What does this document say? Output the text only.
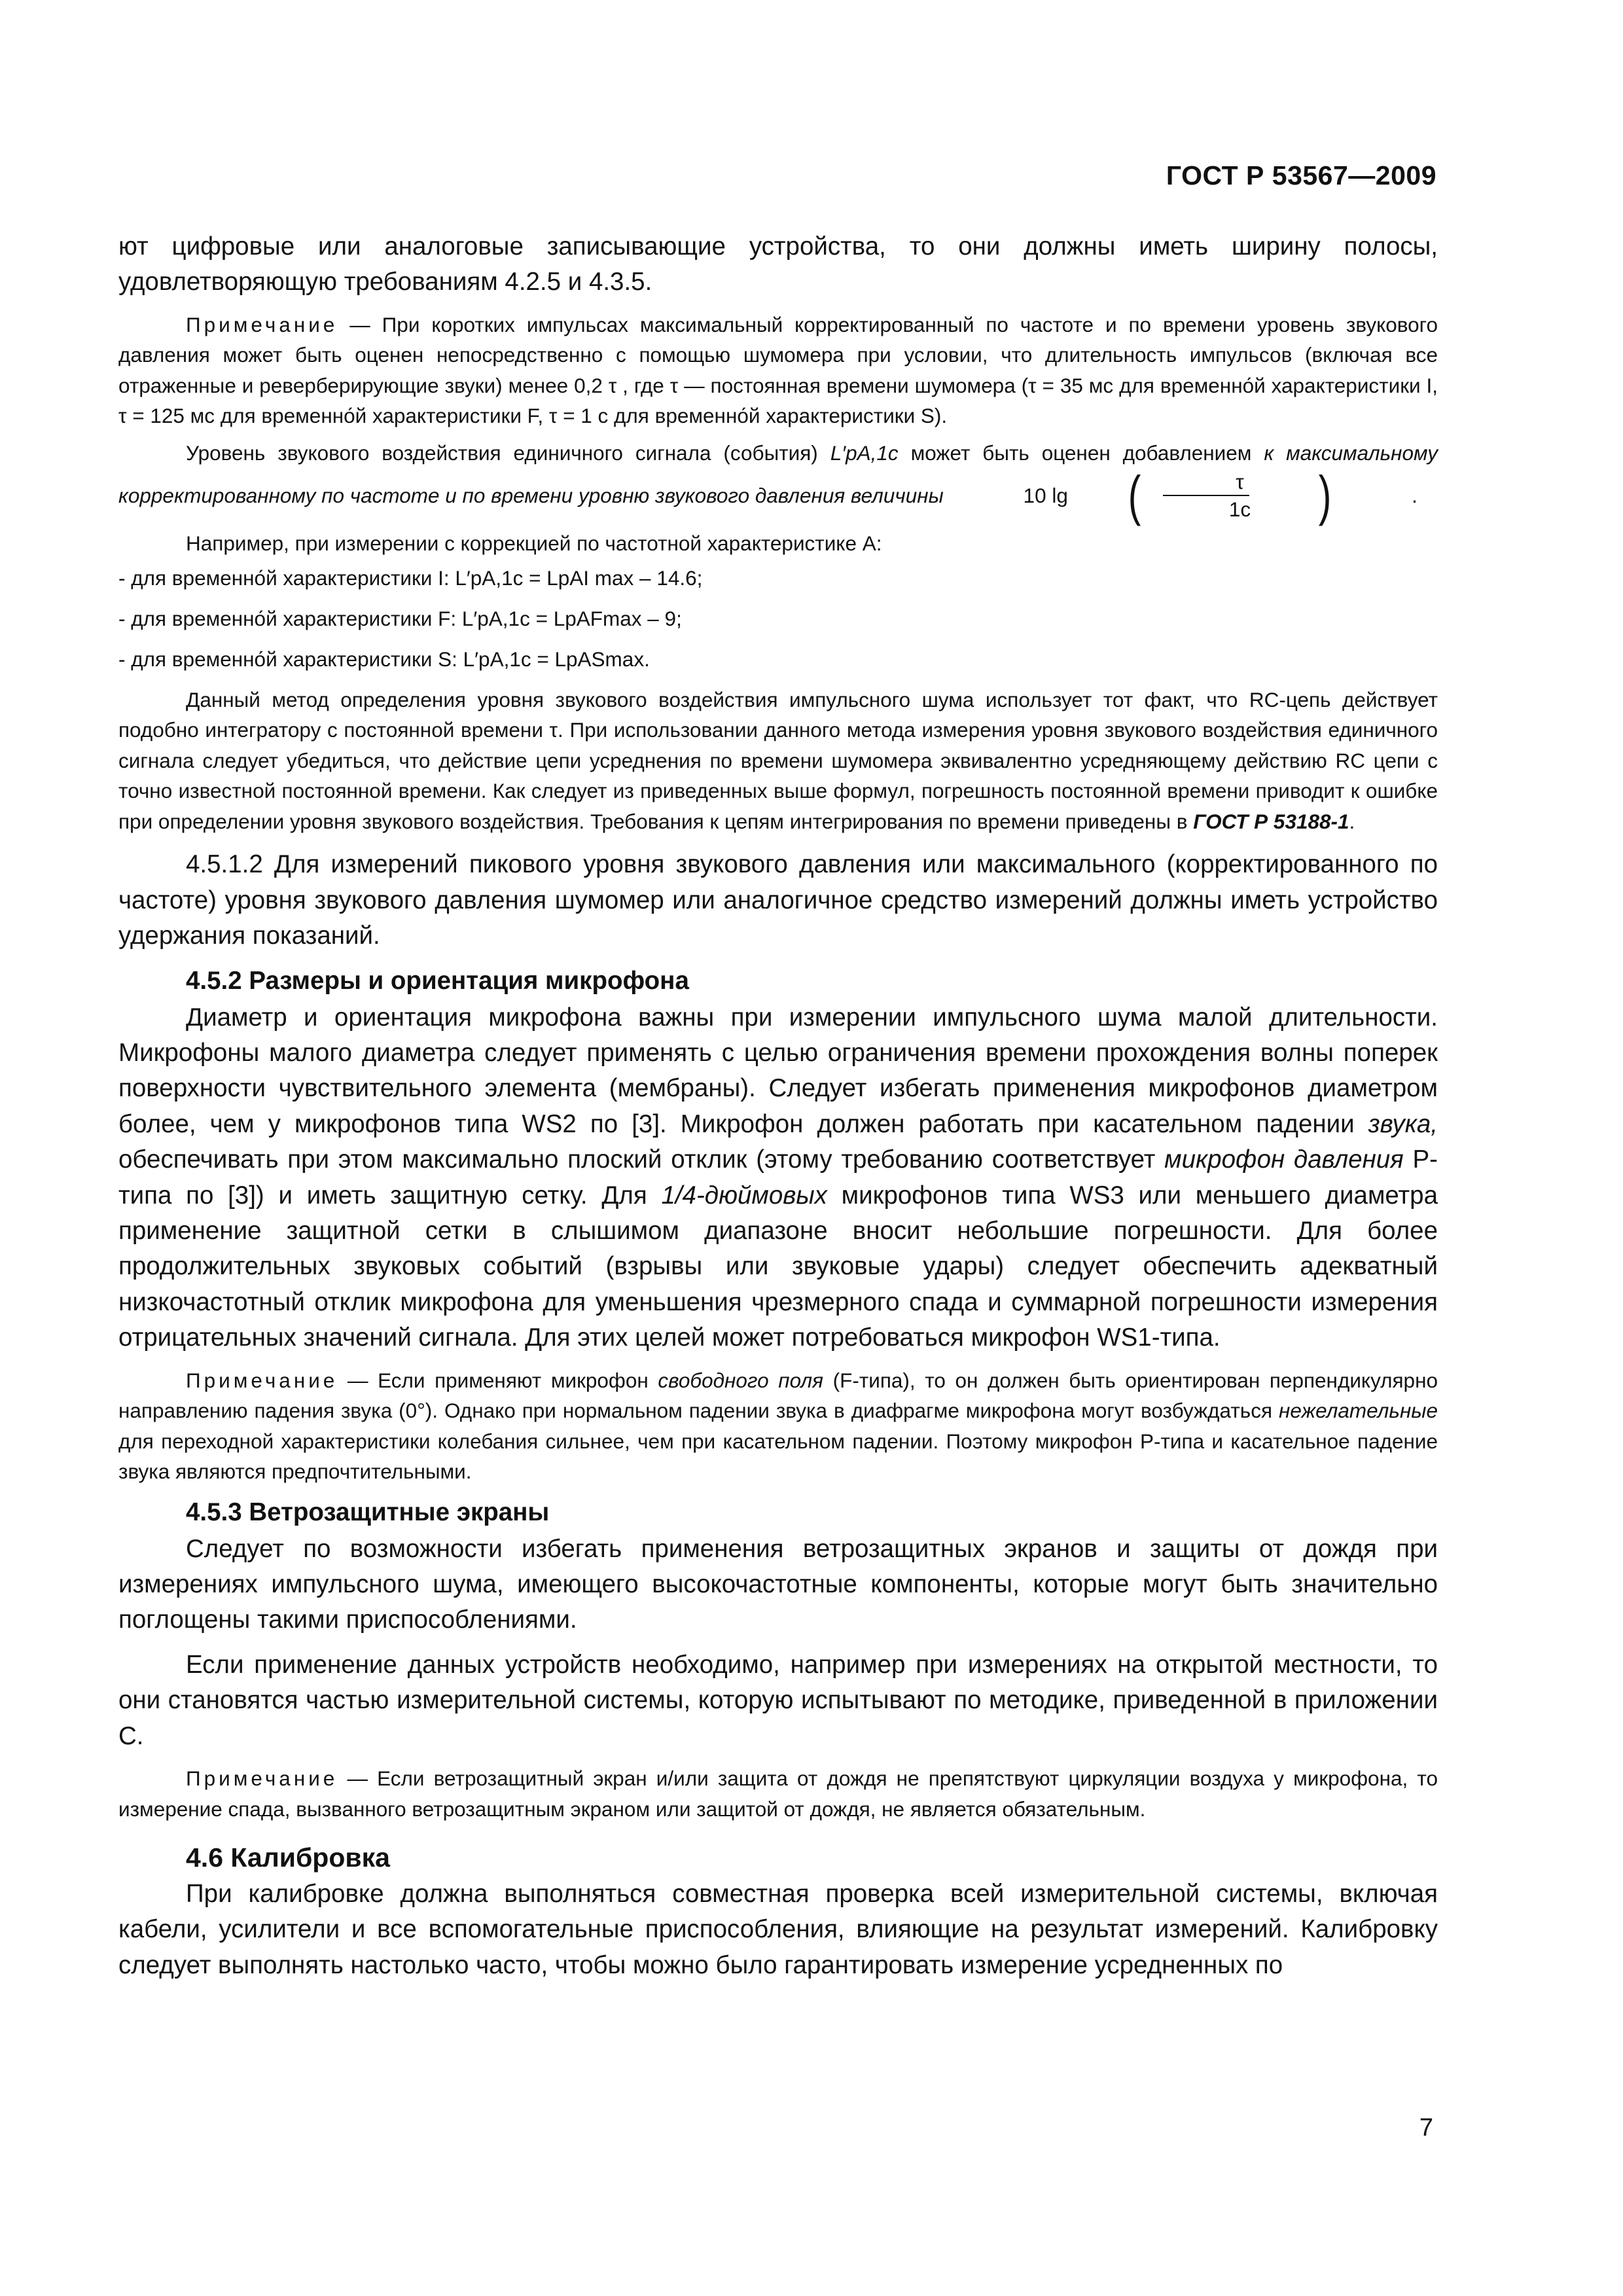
ГОСТ Р 53567—2009

ют цифровые или аналоговые записывающие устройства, то они должны иметь ширину полосы, удовлетворяющую требованиям 4.2.5 и 4.3.5.

Примечание — При коротких импульсах максимальный корректированный по частоте и по времени уровень звукового давления может быть оценен непосредственно с помощью шумомера при условии, что длительность импульсов (включая все отраженные и реверберирующие звуки) менее 0,2 τ , где τ — постоянная времени шумомера (τ = 35 мс для временно́й характеристики I, τ = 125 мс для временно́й характеристики F, τ = 1 с для временно́й характеристики S).

Уровень звукового воздействия единичного сигнала (события) L′pA,1c может быть оценен добавлением к максимальному корректированному по частоте и по времени уровню звукового давления величины	10 lg	( $\frac{\tau}{1c}$	)	.

Например, при измерении с коррекцией по частотной характеристике A:

- для временно́й характеристики I: L′pA,1c = LpAI max – 14.6;

- для временно́й характеристики F: L′pA,1c = LpAFmax – 9;

- для временно́й характеристики S: L′pA,1c = LpASmax.

Данный метод определения уровня звукового воздействия импульсного шума использует тот факт, что RC-цепь действует подобно интегратору с постоянной времени τ. При использовании данного метода измерения уровня звукового воздействия единичного сигнала следует убедиться, что действие цепи усреднения по времени шумомера эквивалентно усредняющему действию RC цепи с точно известной постоянной времени. Как следует из приведенных выше формул, погрешность постоянной времени приводит к ошибке при определении уровня звукового воздействия. Требования к цепям интегрирования по времени приведены в ГОСТ Р 53188-1.

4.5.1.2 Для измерений пикового уровня звукового давления или максимального (корректированного по частоте) уровня звукового давления шумомер или аналогичное средство измерений должны иметь устройство удержания показаний.

4.5.2 Размеры и ориентация микрофона

Диаметр и ориентация микрофона важны при измерении импульсного шума малой длительности. Микрофоны малого диаметра следует применять с целью ограничения времени прохождения волны поперек поверхности чувствительного элемента (мембраны). Следует избегать применения микрофонов диаметром более, чем у микрофонов типа WS2 по [3]. Микрофон должен работать при касательном падении звука, обеспечивать при этом максимально плоский отклик (этому требованию соответствует микрофон давления Р-типа по [3]) и иметь защитную сетку. Для 1/4-дюймовых микрофонов типа WS3 или меньшего диаметра применение защитной сетки в слышимом диапазоне вносит небольшие погрешности. Для более продолжительных звуковых событий (взрывы или звуковые удары) следует обеспечить адекватный низкочастотный отклик микрофона для уменьшения чрезмерного спада и суммарной погрешности измерения отрицательных значений сигнала. Для этих целей может потребоваться микрофон WS1-типа.

Примечание — Если применяют микрофон свободного поля (F-типа), то он должен быть ориентирован перпендикулярно направлению падения звука (0°). Однако при нормальном падении звука в диафрагме микрофона могут возбуждаться нежелательные для переходной характеристики колебания сильнее, чем при касательном падении. Поэтому микрофон Р-типа и касательное падение звука являются предпочтительными.

4.5.3 Ветрозащитные экраны

Следует по возможности избегать применения ветрозащитных экранов и защиты от дождя при измерениях импульсного шума, имеющего высокочастотные компоненты, которые могут быть значительно поглощены такими приспособлениями.

Если применение данных устройств необходимо, например при измерениях на открытой местности, то они становятся частью измерительной системы, которую испытывают по методике, приведенной в приложении С.

Примечание — Если ветрозащитный экран и/или защита от дождя не препятствуют циркуляции воздуха у микрофона, то измерение спада, вызванного ветрозащитным экраном или защитой от дождя, не является обязательным.

4.6 Калибровка

При калибровке должна выполняться совместная проверка всей измерительной системы, включая кабели, усилители и все вспомогательные приспособления, влияющие на результат измерений. Калибровку следует выполнять настолько часто, чтобы можно было гарантировать измерение усредненных по

7
